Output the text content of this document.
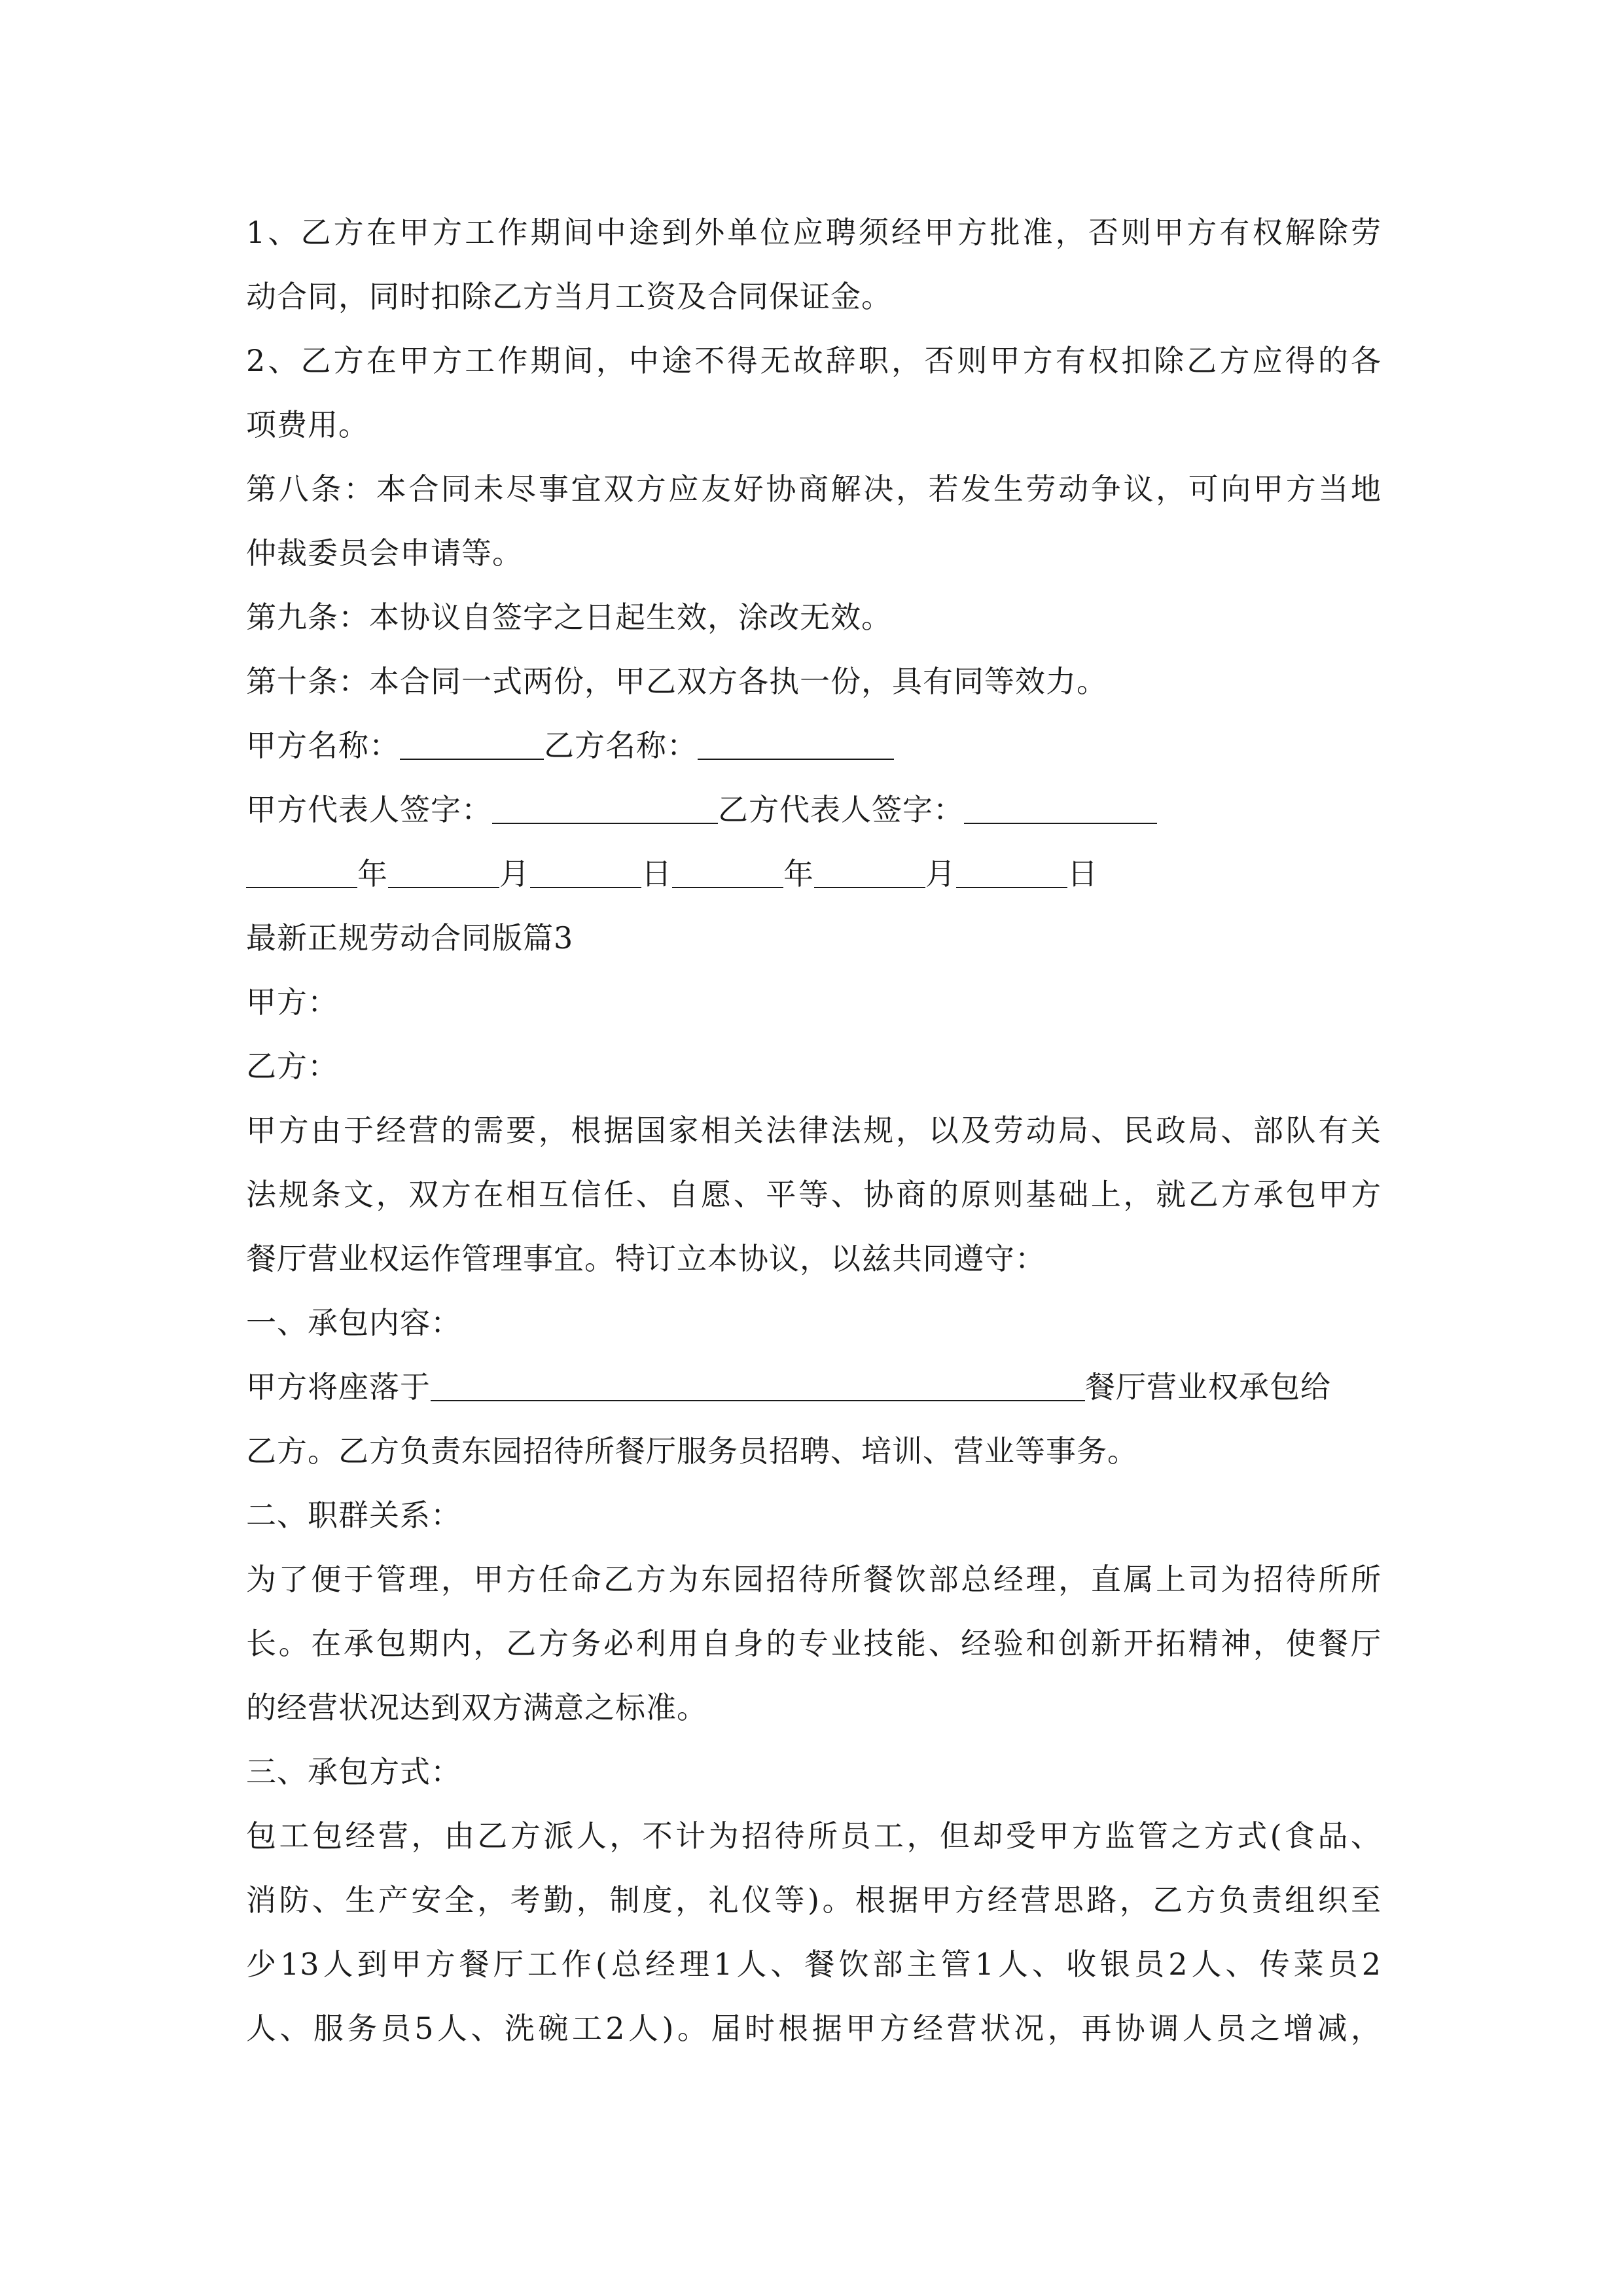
1、乙方在甲方工作期间中途到外单位应聘须经甲方批准，否则甲方有权解除劳
动合同，同时扣除乙方当月工资及合同保证金。
2、乙方在甲方工作期间，中途不得无故辞职，否则甲方有权扣除乙方应得的各
项费用。
第八条：本合同未尽事宜双方应友好协商解决，若发生劳动争议，可向甲方当地
仲裁委员会申请等。
第九条：本协议自签字之日起生效，涂改无效。
第十条：本合同一式两份，甲乙双方各执一份，具有同等效力。
甲方名称：	乙方名称：
甲方代表人签字：	乙方代表人签字：
年	月	日	年	月	日
最新正规劳动合同版篇3
甲方：
乙方：
甲方由于经营的需要，根据国家相关法律法规，以及劳动局、民政局、部队有关
法规条文，双方在相互信任、自愿、平等、协商的原则基础上，就乙方承包甲方
餐厅营业权运作管理事宜。特订立本协议，以兹共同遵守：
一、承包内容：
甲方将座落于	餐厅营业权承包给
乙方。乙方负责东园招待所餐厅服务员招聘、培训、营业等事务。
二、职群关系：
为了便于管理，甲方任命乙方为东园招待所餐饮部总经理，直属上司为招待所所
长。在承包期内，乙方务必利用自身的专业技能、经验和创新开拓精神，使餐厅
的经营状况达到双方满意之标准。
三、承包方式：
包工包经营，由乙方派人，不计为招待所员工，但却受甲方监管之方式(食品、
消防、生产安全，考勤，制度，礼仪等)。根据甲方经营思路，乙方负责组织至
少13人到甲方餐厅工作(总经理1人、餐饮部主管1人、收银员2人、传菜员2
人、服务员5人、洗碗工2人)。届时根据甲方经营状况，再协调人员之增减，
